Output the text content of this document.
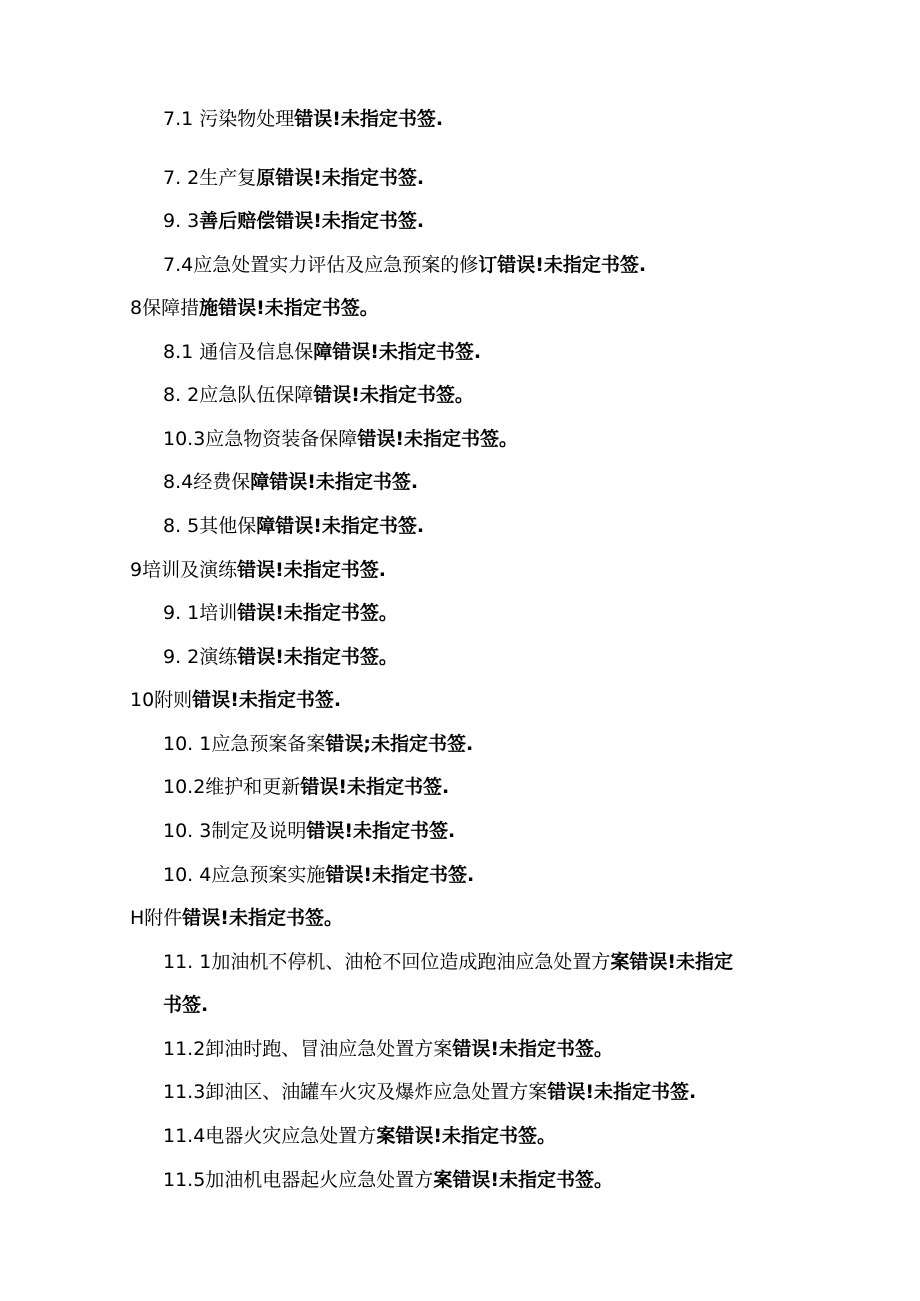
7.1 污染物处理错误!未指定书签.
7. 2生产复原错误!未指定书签.
9. 3善后赔偿错误!未指定书签.
7.4应急处置实力评估及应急预案的修订错误!未指定书签.
8保障措施错误!未指定书签。
8.1 通信及信息保障错误!未指定书签.
8. 2应急队伍保障错误!未指定书签。
10.3应急物资装备保障错误!未指定书签。
8.4经费保障错误!未指定书签.
8. 5其他保障错误!未指定书签.
9培训及演练错误!未指定书签.
9. 1培训错误!未指定书签。
9. 2演练错误!未指定书签。
10附则错误!未指定书签.
10. 1应急预案备案错误;未指定书签.
10.2维护和更新错误!未指定书签.
10. 3制定及说明错误!未指定书签.
10. 4应急预案实施错误!未指定书签.
H附件错误!未指定书签。
11. 1加油机不停机、油枪不回位造成跑油应急处置方案错误!未指定
书签.
11.2卸油时跑、冒油应急处置方案错误!未指定书签。
11.3卸油区、油罐车火灾及爆炸应急处置方案错误!未指定书签.
11.4电器火灾应急处置方案错误!未指定书签。
11.5加油机电器起火应急处置方案错误!未指定书签。
